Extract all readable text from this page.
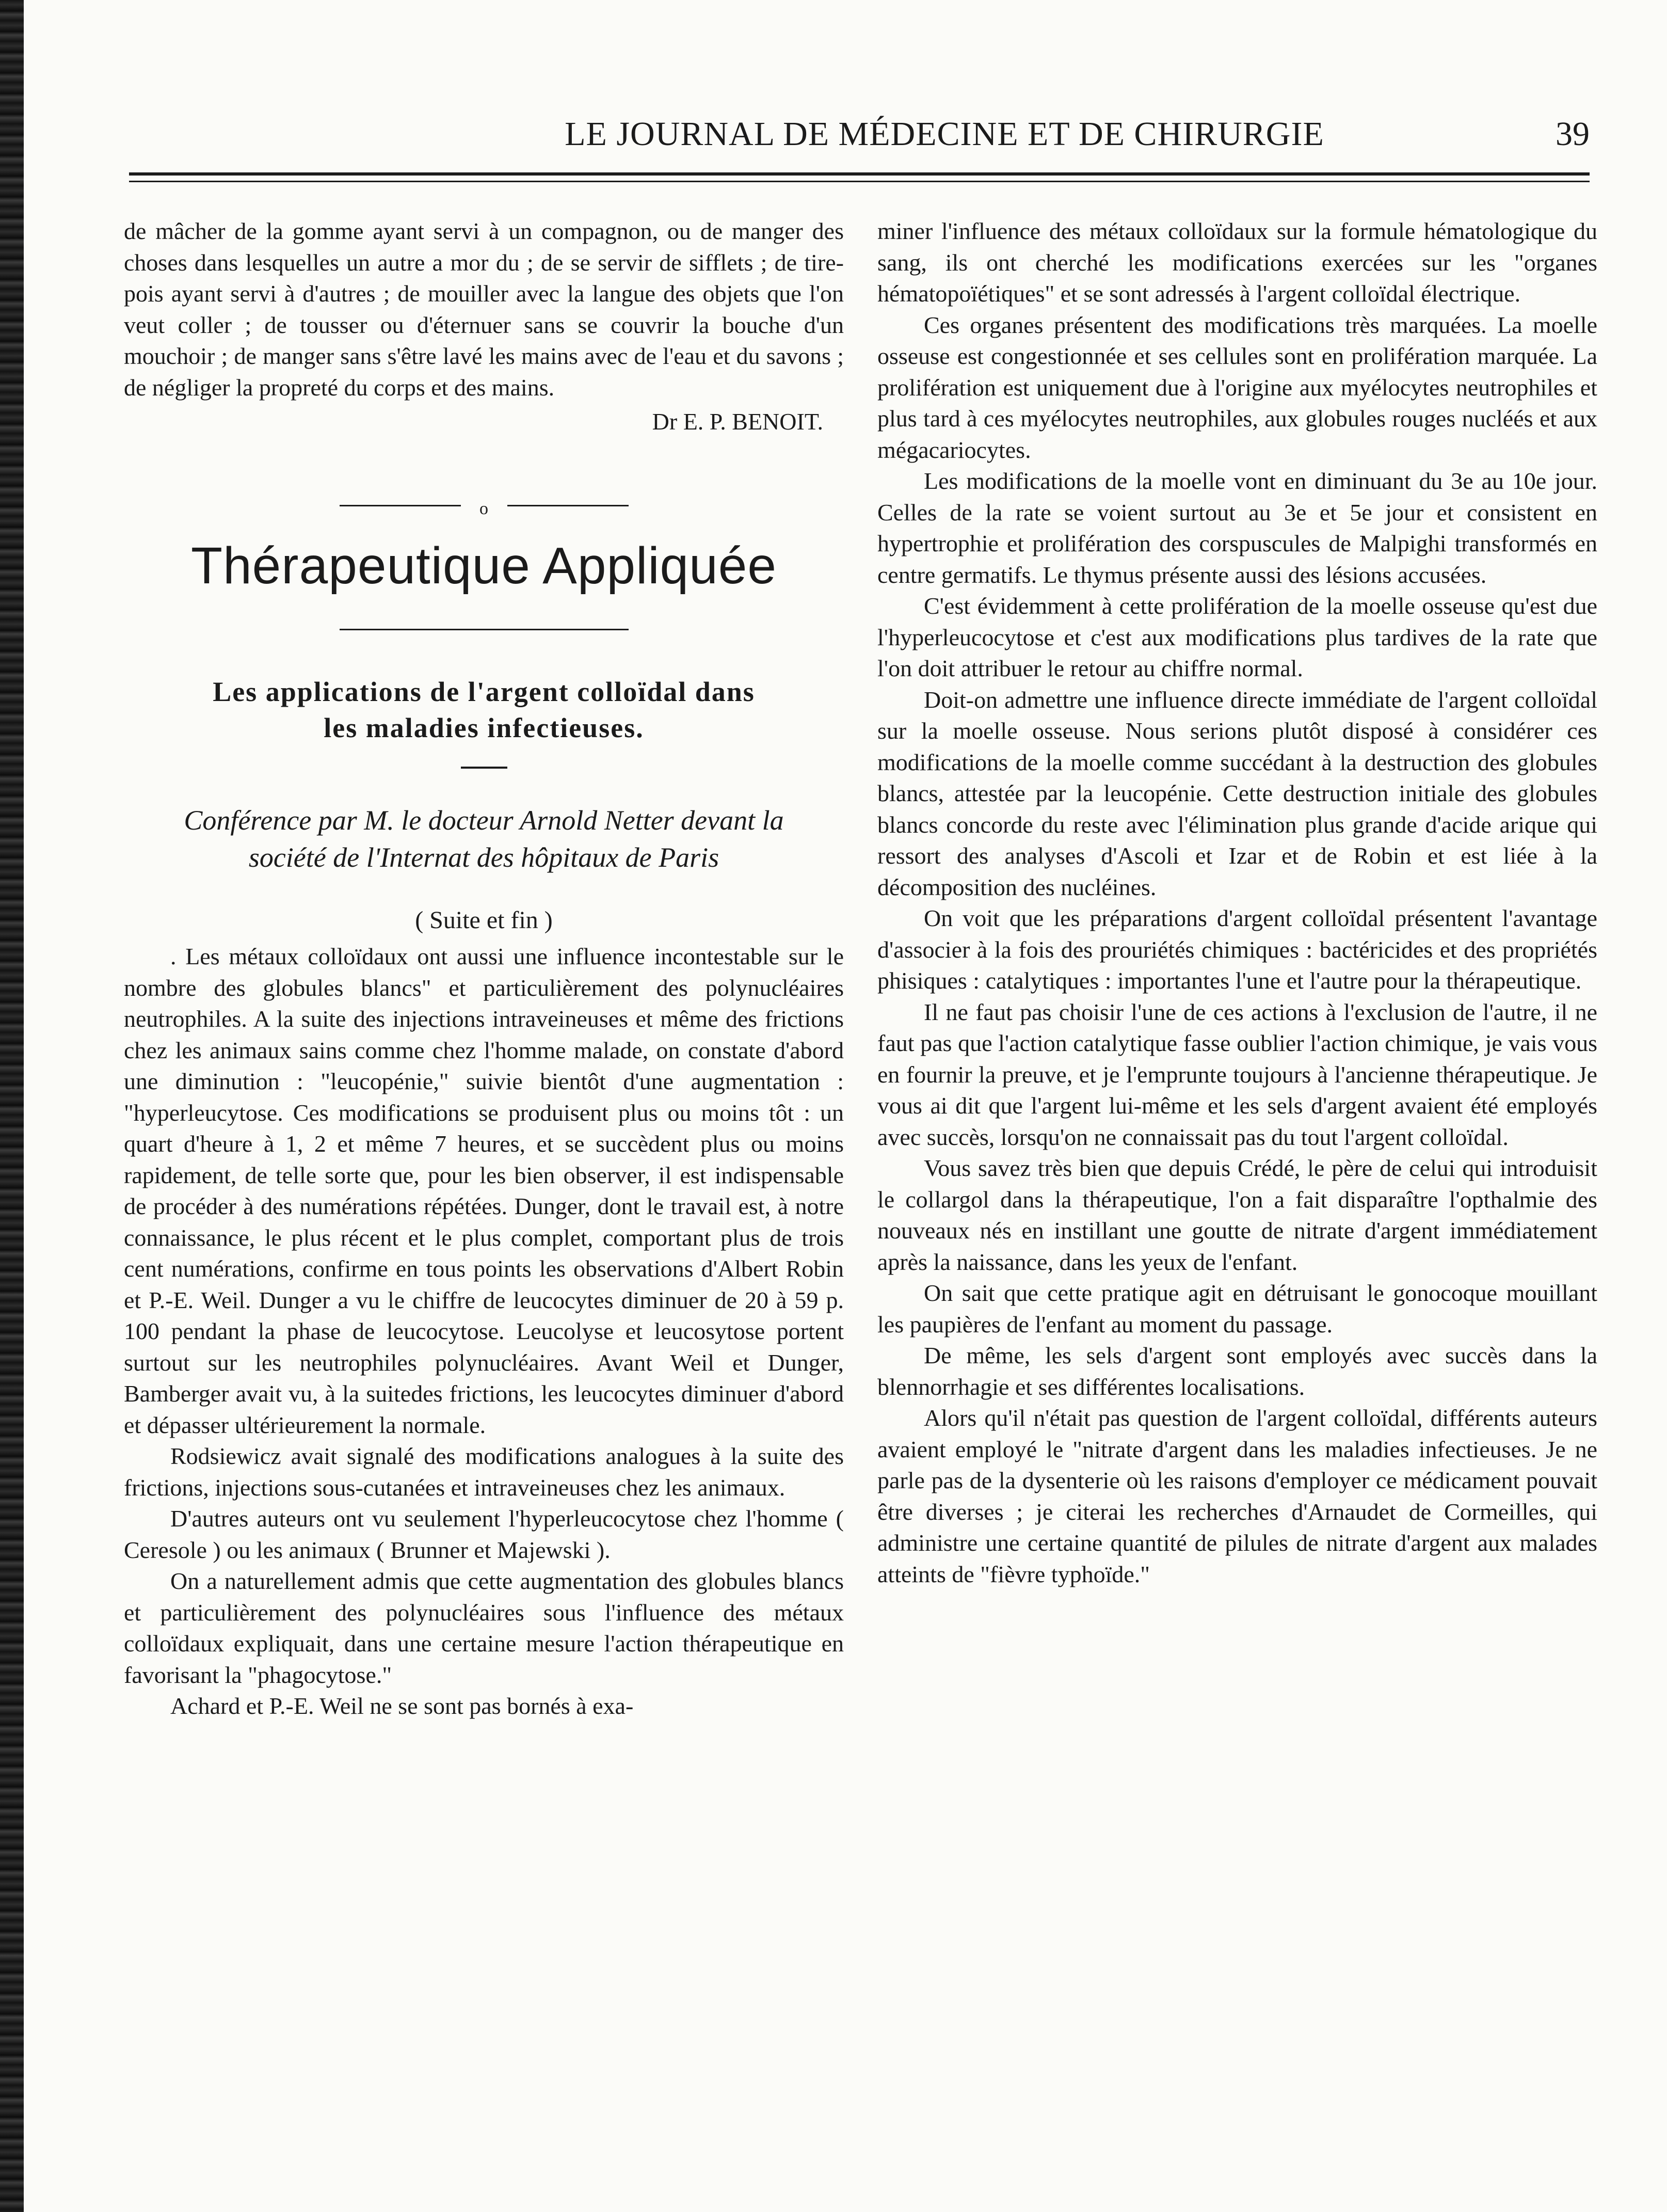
LE JOURNAL DE MÉDECINE ET DE CHIRURGIE	39

de mâcher de la gomme ayant servi à un compagnon, ou de manger des choses dans lesquelles un autre a mor du ; de se servir de sifflets ; de tire-pois ayant servi à d'autres ; de mouiller avec la langue des objets que l'on veut coller ; de tousser ou d'éternuer sans se couvrir la bouche d'un mouchoir ; de manger sans s'être lavé les mains avec de l'eau et du savons ; de négliger la propreté du corps et des mains.

Dr E. P. BENOIT.
o
Thérapeutique Appliquée
Les applications de l'argent colloïdal dans
les maladies infectieuses.
Conférence par M. le docteur Arnold Netter devant la
société de l'Internat des hôpitaux de Paris
( Suite et fin )

. Les métaux colloïdaux ont aussi une influence incontestable sur le nombre des globules blancs" et particulièrement des polynucléaires neutrophiles. A la suite des injections intraveineuses et même des frictions chez les animaux sains comme chez l'homme malade, on constate d'abord une diminution : "leucopénie," suivie bientôt d'une augmentation : "hyperleucytose. Ces modifications se produisent plus ou moins tôt : un quart d'heure à 1, 2 et même 7 heures, et se succèdent plus ou moins rapidement, de telle sorte que, pour les bien observer, il est indispensable de procéder à des numérations répétées. Dunger, dont le travail est, à notre connaissance, le plus récent et le plus complet, comportant plus de trois cent numérations, confirme en tous points les observations d'Albert Robin et P.-E. Weil. Dunger a vu le chiffre de leucocytes diminuer de 20 à 59 p. 100 pendant la phase de leucocytose. Leucolyse et leucosytose portent surtout sur les neutrophiles polynucléaires. Avant Weil et Dunger, Bamberger avait vu, à la suitedes frictions, les leucocytes diminuer d'abord et dépasser ultérieurement la normale.

Rodsiewicz avait signalé des modifications analogues à la suite des frictions, injections sous-cutanées et intraveineuses chez les animaux.

D'autres auteurs ont vu seulement l'hyperleucocytose chez l'homme ( Ceresole ) ou les animaux ( Brunner et Majewski ).

On a naturellement admis que cette augmentation des globules blancs et particulièrement des polynucléaires sous l'influence des métaux colloïdaux expliquait, dans une certaine mesure l'action thérapeutique en favorisant la "phagocytose."

Achard et P.-E. Weil ne se sont pas bornés à exa-

miner l'influence des métaux colloïdaux sur la formule hématologique du sang, ils ont cherché les modifications exercées sur les "organes hématopoïétiques" et se sont adressés à l'argent colloïdal électrique.

Ces organes présentent des modifications très marquées. La moelle osseuse est congestionnée et ses cellules sont en prolifération marquée. La prolifération est uniquement due à l'origine aux myélocytes neutrophiles et plus tard à ces myélocytes neutrophiles, aux globules rouges nucléés et aux mégacariocytes.

Les modifications de la moelle vont en diminuant du 3e au 10e jour. Celles de la rate se voient surtout au 3e et 5e jour et consistent en hypertrophie et prolifération des corspuscules de Malpighi transformés en centre germatifs. Le thymus présente aussi des lésions accusées.

C'est évidemment à cette prolifération de la moelle osseuse qu'est due l'hyperleucocytose et c'est aux modifications plus tardives de la rate que l'on doit attribuer le retour au chiffre normal.

Doit-on admettre une influence directe immédiate de l'argent colloïdal sur la moelle osseuse. Nous serions plutôt disposé à considérer ces modifications de la moelle comme succédant à la destruction des globules blancs, attestée par la leucopénie. Cette destruction initiale des globules blancs concorde du reste avec l'élimination plus grande d'acide arique qui ressort des analyses d'Ascoli et Izar et de Robin et est liée à la décomposition des nucléines.

On voit que les préparations d'argent colloïdal présentent l'avantage d'associer à la fois des prouriétés chimiques : bactéricides et des propriétés phisiques : catalytiques : importantes l'une et l'autre pour la thérapeutique.

Il ne faut pas choisir l'une de ces actions à l'exclusion de l'autre, il ne faut pas que l'action catalytique fasse oublier l'action chimique, je vais vous en fournir la preuve, et je l'emprunte toujours à l'ancienne thérapeutique. Je vous ai dit que l'argent lui-même et les sels d'argent avaient été employés avec succès, lorsqu'on ne connaissait pas du tout l'argent colloïdal.

Vous savez très bien que depuis Crédé, le père de celui qui introduisit le collargol dans la thérapeutique, l'on a fait disparaître l'opthalmie des nouveaux nés en instillant une goutte de nitrate d'argent immédiatement après la naissance, dans les yeux de l'enfant.

On sait que cette pratique agit en détruisant le gonocoque mouillant les paupières de l'enfant au moment du passage.

De même, les sels d'argent sont employés avec succès dans la blennorrhagie et ses différentes localisations.

Alors qu'il n'était pas question de l'argent colloïdal, différents auteurs avaient employé le "nitrate d'argent dans les maladies infectieuses. Je ne parle pas de la dysenterie où les raisons d'employer ce médicament pouvait être diverses ; je citerai les recherches d'Arnaudet de Cormeilles, qui administre une certaine quantité de pilules de nitrate d'argent aux malades atteints de "fièvre typhoïde."
